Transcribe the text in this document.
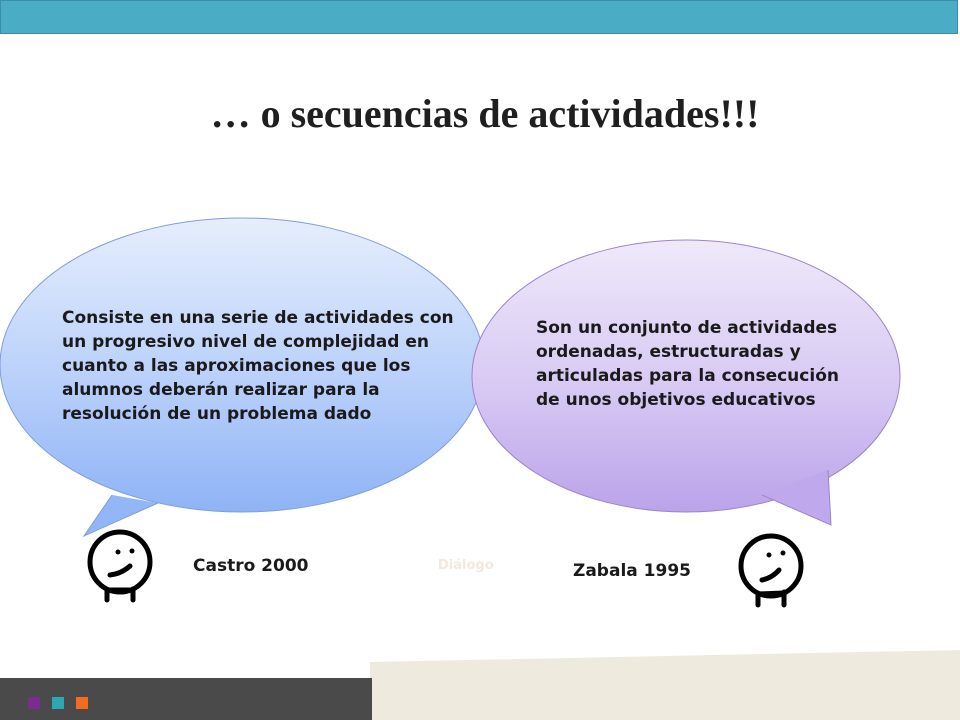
… o secuencias de actividades!!!
Consiste en una serie de actividades con un progresivo nivel de complejidad en cuanto a las aproximaciones que los alumnos deberán realizar para la resolución de un problema dado
Son un conjunto de actividades ordenadas, estructuradas y articuladas para la consecución de unos objetivos educativos
Castro 2000	Diálogo	Zabala 1995
